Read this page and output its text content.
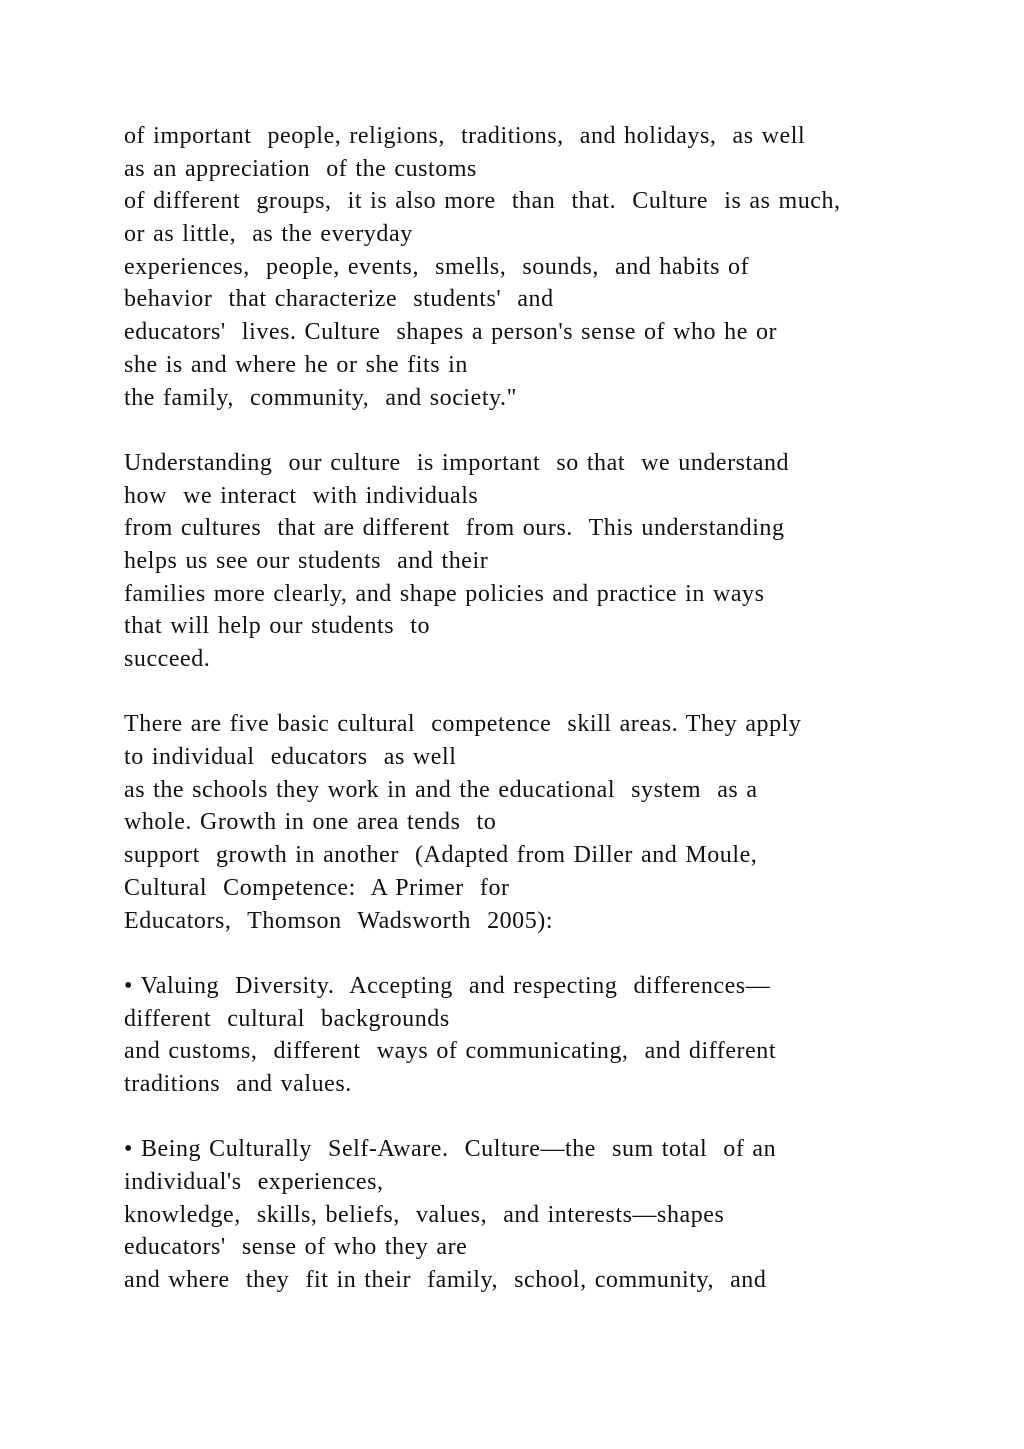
of important  people, religions,  traditions,  and holidays,  as well
as an appreciation  of the customs
of different  groups,  it is also more  than  that.  Culture  is as much,
or as little,  as the everyday
experiences,  people, events,  smells,  sounds,  and habits of
behavior  that characterize  students'  and
educators'  lives. Culture  shapes a person's sense of who he or
she is and where he or she fits in
the family,  community,  and society."
Understanding  our culture  is important  so that  we understand
how  we interact  with individuals
from cultures  that are different  from ours.  This understanding
helps us see our students  and their
families more clearly, and shape policies and practice in ways
that will help our students  to
succeed.
There are five basic cultural  competence  skill areas. They apply
to individual  educators  as well
as the schools they work in and the educational  system  as a
whole. Growth in one area tends  to
support  growth in another  (Adapted from Diller and Moule,
Cultural  Competence:  A Primer  for
Educators,  Thomson  Wadsworth  2005):
• Valuing  Diversity.  Accepting  and respecting  differences—
different  cultural  backgrounds
and customs,  different  ways of communicating,  and different
traditions  and values.
• Being Culturally  Self-Aware.  Culture—the  sum total  of an
individual's  experiences,
knowledge,  skills, beliefs,  values,  and interests—shapes
educators'  sense of who they are
and where  they  fit in their  family,  school, community,  and
